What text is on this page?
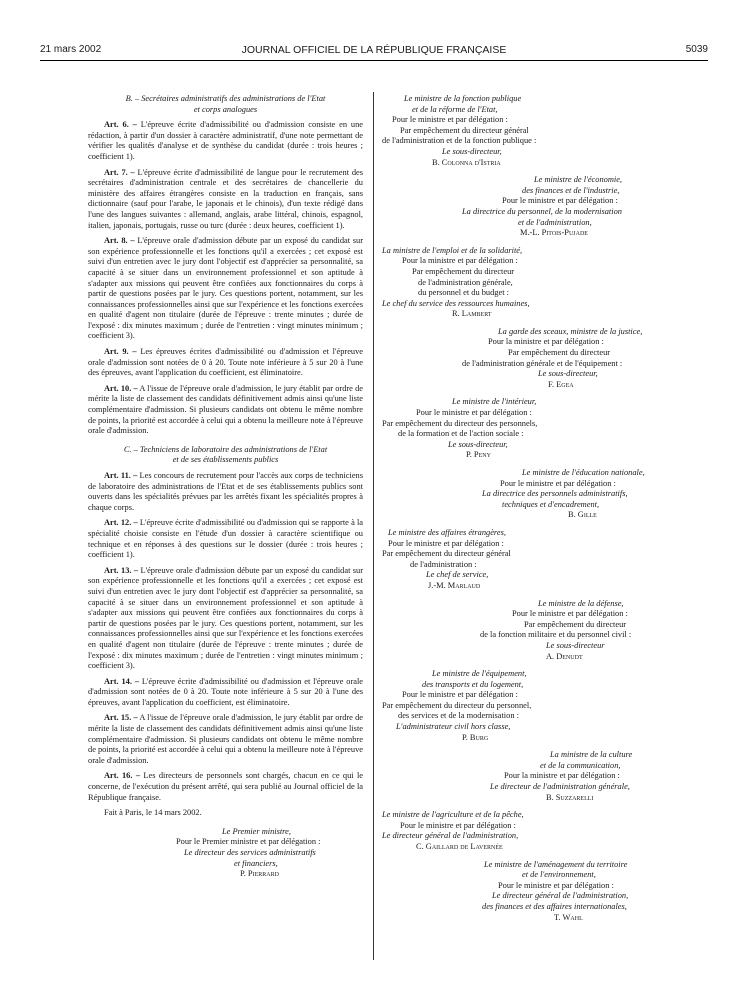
21 mars 2002	JOURNAL OFFICIEL DE LA RÉPUBLIQUE FRANÇAISE	5039
B. – Secrétaires administratifs des administrations de l'Etat
et corps analogues

Art. 6. – L'épreuve écrite d'admissibilité ou d'admission consiste en une rédaction, à partir d'un dossier à caractère administratif, d'une note permettant de vérifier les qualités d'analyse et de synthèse du candidat (durée : trois heures ; coefficient 1).

Art. 7. – L'épreuve écrite d'admissibilité de langue pour le recrutement des secrétaires d'administration centrale et des secrétaires de chancellerie du ministère des affaires étrangères consiste en la traduction en français, sans dictionnaire (sauf pour l'arabe, le japonais et le chinois), d'un texte rédigé dans l'une des langues suivantes : allemand, anglais, arabe littéral, chinois, espagnol, italien, japonais, portugais, russe ou turc (durée : deux heures, coefficient 1).

Art. 8. – L'épreuve orale d'admission débute par un exposé du candidat sur son expérience professionnelle et les fonctions qu'il a exercées ; cet exposé est suivi d'un entretien avec le jury dont l'objectif est d'apprécier sa personnalité, sa capacité à se situer dans un environnement professionnel et son aptitude à s'adapter aux missions qui peuvent être confiées aux fonctionnaires du corps à partir de questions posées par le jury. Ces questions portent, notamment, sur les connaissances professionnelles ainsi que sur l'expérience et les fonctions exercées en qualité d'agent non titulaire (durée de l'épreuve : trente minutes ; durée de l'exposé : dix minutes maximum ; durée de l'entretien : vingt minutes minimum ; coefficient 3).

Art. 9. – Les épreuves écrites d'admissibilité ou d'admission et l'épreuve orale d'admission sont notées de 0 à 20. Toute note inférieure à 5 sur 20 à l'une des épreuves, avant l'application du coefficient, est éliminatoire.

Art. 10. – A l'issue de l'épreuve orale d'admission, le jury établit par ordre de mérite la liste de classement des candidats définitivement admis ainsi qu'une liste complémentaire d'admission. Si plusieurs candidats ont obtenu le même nombre de points, la priorité est accordée à celui qui a obtenu la meilleure note à l'épreuve orale d'admission.

C. – Techniciens de laboratoire des administrations de l'Etat
et de ses établissements publics

Art. 11. – Les concours de recrutement pour l'accès aux corps de techniciens de laboratoire des administrations de l'Etat et de ses établissements publics sont ouverts dans les spécialités prévues par les arrêtés fixant les spécialités propres à chaque corps.

Art. 12. – L'épreuve écrite d'admissibilité ou d'admission qui se rapporte à la spécialité choisie consiste en l'étude d'un dossier à caractère scientifique ou technique et en réponses à des questions sur le dossier (durée : trois heures ; coefficient 1).

Art. 13. – L'épreuve orale d'admission débute par un exposé du candidat sur son expérience professionnelle et les fonctions qu'il a exercées ; cet exposé est suivi d'un entretien avec le jury dont l'objectif est d'apprécier sa personnalité, sa capacité à se situer dans un environnement professionnel et son aptitude à s'adapter aux missions qui peuvent être confiées aux fonctionnaires du corps à partir de questions posées par le jury. Ces questions portent, notamment, sur les connaissances professionnelles ainsi que sur l'expérience et les fonctions exercées en qualité d'agent non titulaire (durée de l'épreuve : trente minutes ; durée de l'exposé : dix minutes maximum ; durée de l'entretien : vingt minutes minimum ; coefficient 3).

Art. 14. – L'épreuve écrite d'admissibilité ou d'admission et l'épreuve orale d'admission sont notées de 0 à 20. Toute note inférieure à 5 sur 20 à l'une des épreuves, avant l'application du coefficient, est éliminatoire.

Art. 15. – A l'issue de l'épreuve orale d'admission, le jury établit par ordre de mérite la liste de classement des candidats définitivement admis ainsi qu'une liste complémentaire d'admission. Si plusieurs candidats ont obtenu le même nombre de points, la priorité est accordée à celui qui a obtenu la meilleure note à l'épreuve orale d'admission.

Art. 16. – Les directeurs de personnels sont chargés, chacun en ce qui le concerne, de l'exécution du présent arrêté, qui sera publié au Journal officiel de la République française.

Fait à Paris, le 14 mars 2002.
Le Premier ministre,
Pour le Premier ministre et par délégation :
Le directeur des services administratifs
et financiers,
P. Pierrard
Le ministre de la fonction publique
et de la réforme de l'Etat,
Pour le ministre et par délégation :
Par empêchement du directeur général
de l'administration et de la fonction publique :
Le sous-directeur,
B. Colonna d'Istria
Le ministre de l'économie,
des finances et de l'industrie,
Pour le ministre et par délégation :
La directrice du personnel, de la modernisation
et de l'administration,
M.-L. Pitois-Pujade
La ministre de l'emploi et de la solidarité,
Pour la ministre et par délégation :
Par empêchement du directeur
de l'administration générale,
du personnel et du budget :
Le chef du service des ressources humaines,
R. Lambert
La garde des sceaux, ministre de la justice,
Pour la ministre et par délégation :
Par empêchement du directeur
de l'administration générale et de l'équipement :
Le sous-directeur,
F. Egea
Le ministre de l'intérieur,
Pour le ministre et par délégation :
Par empêchement du directeur des personnels,
de la formation et de l'action sociale :
Le sous-directeur,
P. Peny
Le ministre de l'éducation nationale,
Pour le ministre et par délégation :
La directrice des personnels administratifs,
techniques et d'encadrement,
B. Gille
Le ministre des affaires étrangères,
Pour le ministre et par délégation :
Par empêchement du directeur général
de l'administration :
Le chef de service,
J.-M. Marlaud
Le ministre de la défense,
Pour le ministre et par délégation :
Par empêchement du directeur
de la fonction militaire et du personnel civil :
Le sous-directeur
A. Denudt
Le ministre de l'équipement,
des transports et du logement,
Pour le ministre et par délégation :
Par empêchement du directeur du personnel,
des services et de la modernisation :
L'administrateur civil hors classe,
P. Burg
La ministre de la culture
et de la communication,
Pour la ministre et par délégation :
Le directeur de l'administration générale,
B. Suzzarelli
Le ministre de l'agriculture et de la pêche,
Pour le ministre et par délégation :
Le directeur général de l'administration,
C. Gaillard de Lavernée
Le ministre de l'aménagement du territoire
et de l'environnement,
Pour le ministre et par délégation :
Le directeur général de l'administration,
des finances et des affaires internationales,
T. Wahl
